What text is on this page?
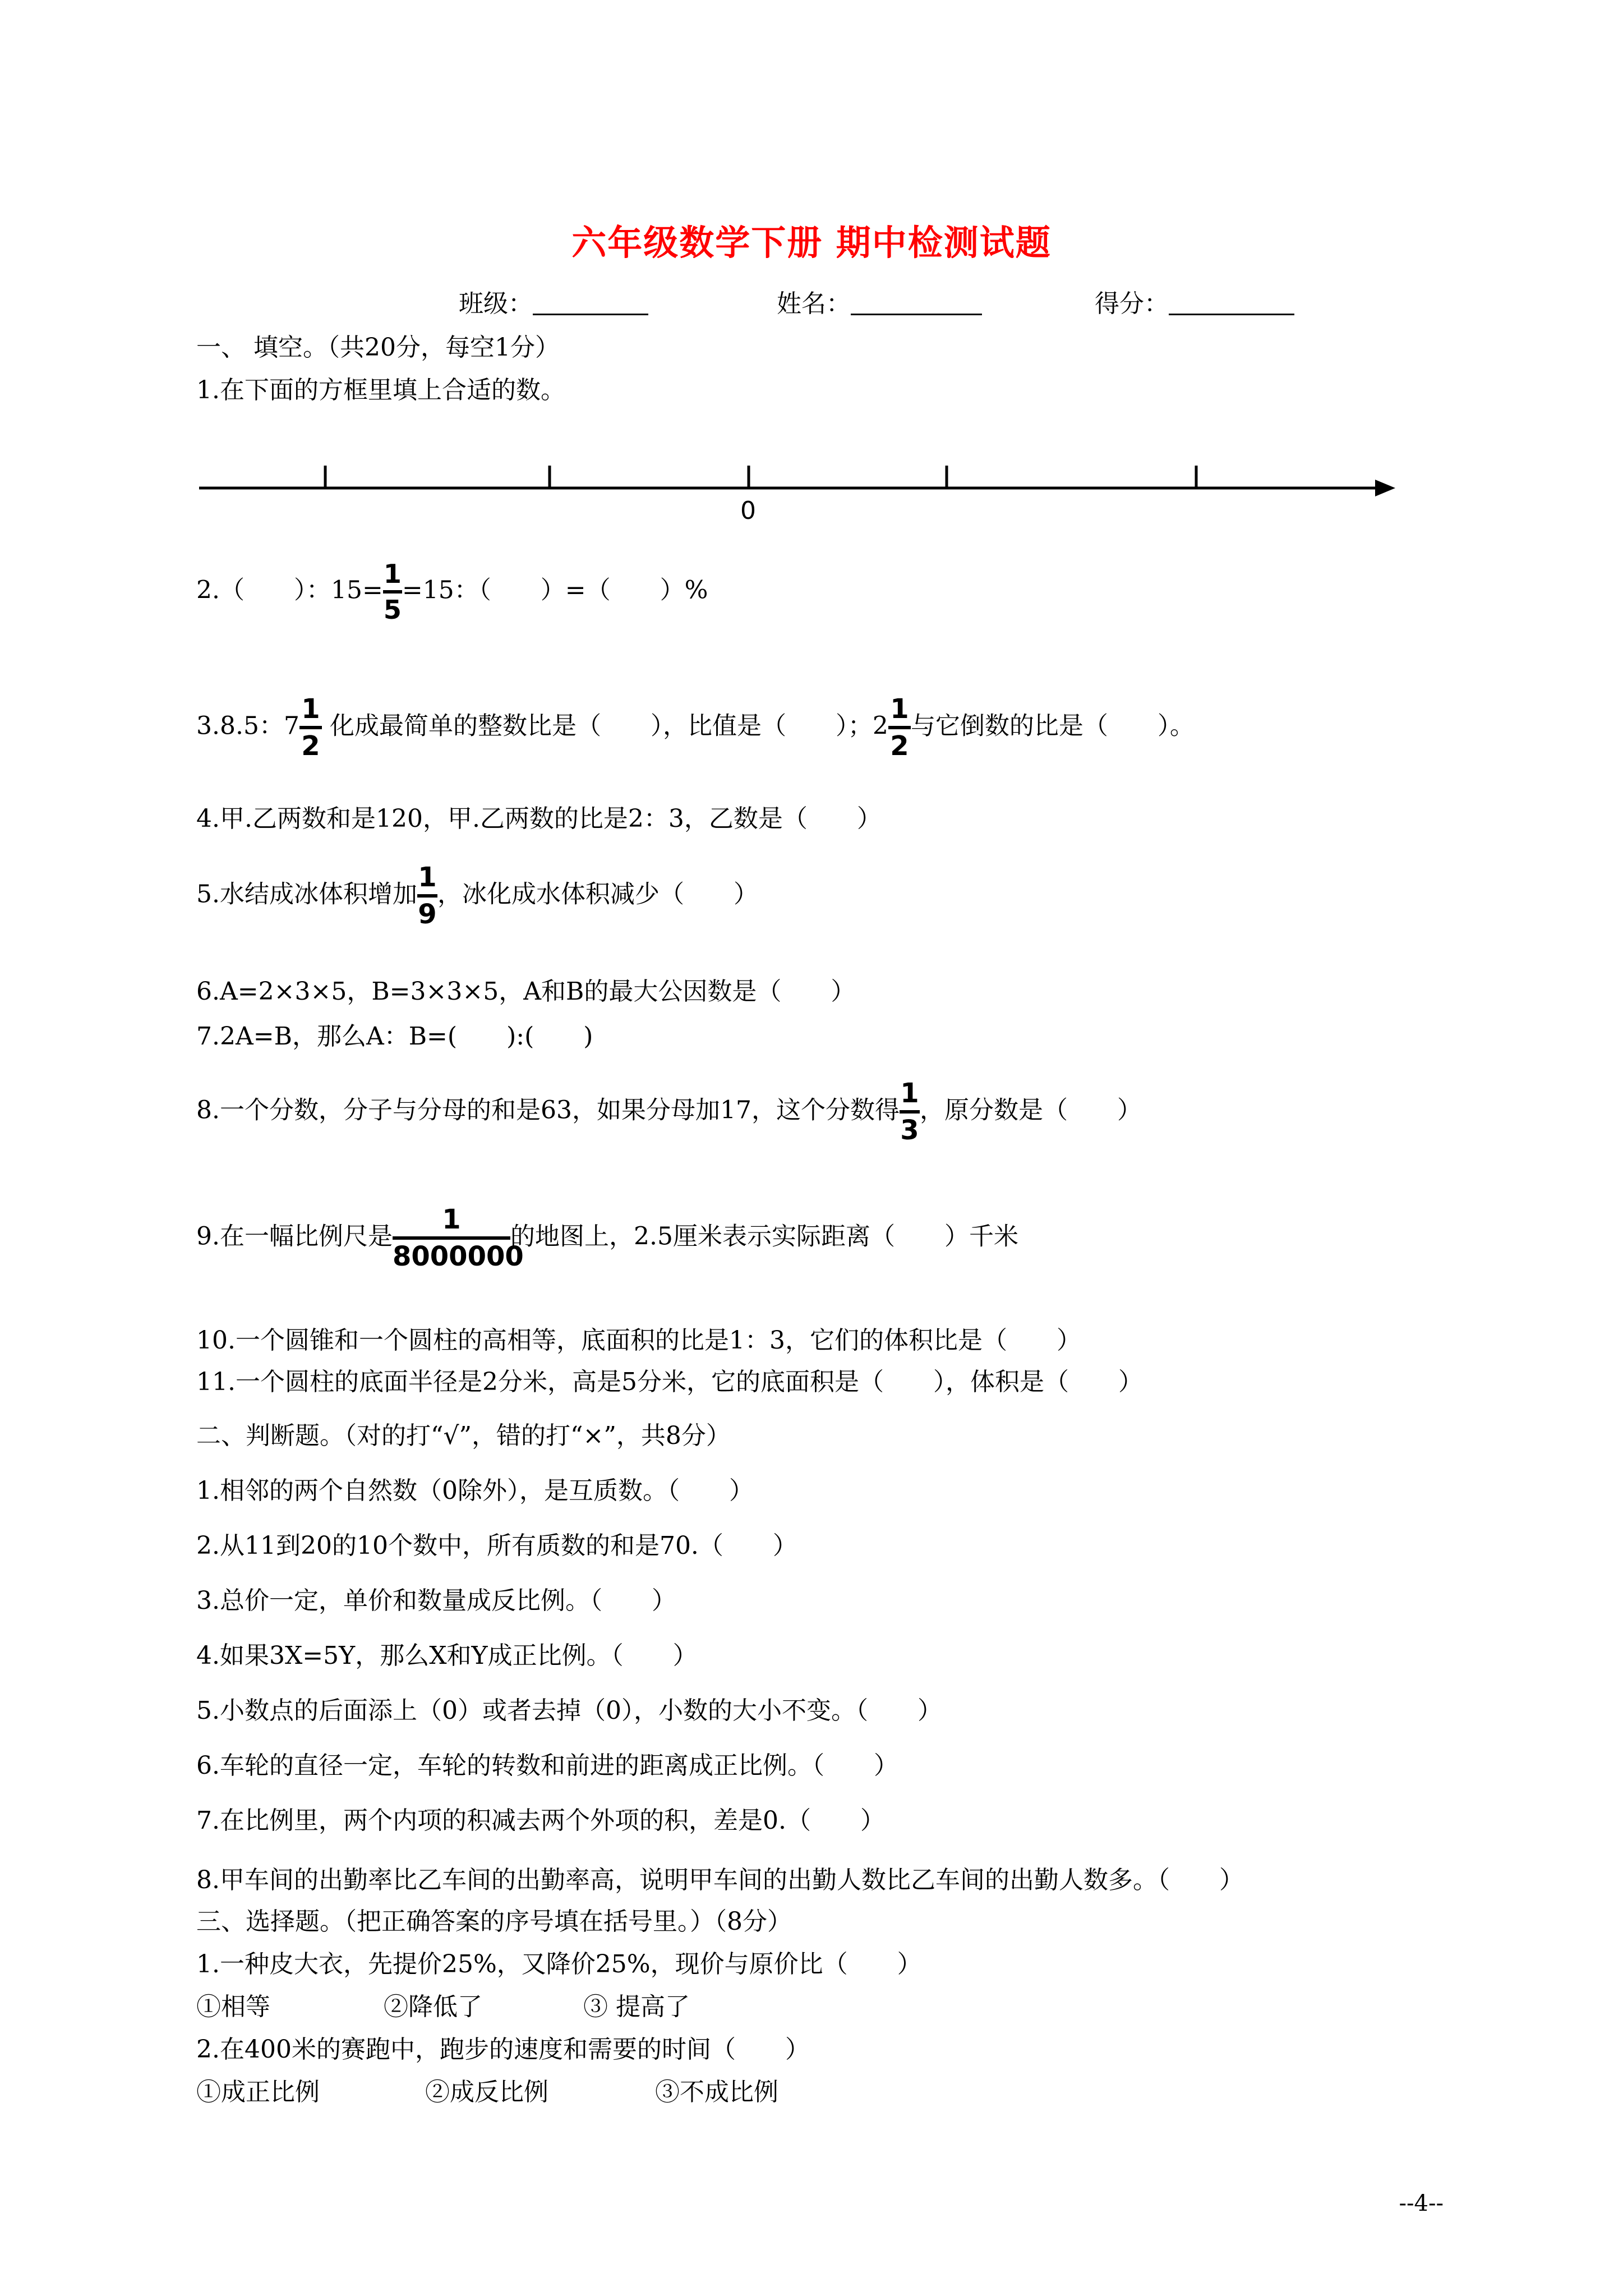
六年级数学下册 期中检测试题
班级：	姓名：	得分：
一、 填空。（共20分，每空1分）
1.在下面的方框里填上合适的数。
0
2.（　　）：15=
1
5
=15：（　　）=（　　）%
3.8.5：7
1
2
化成最简单的整数比是（　　），比值是（　　）；2
1
2
与它倒数的比是（　　）。
4.甲.乙两数和是120，甲.乙两数的比是2：3，乙数是（　　）
5.水结成冰体积增加
1
9
，冰化成水体积减少（　　）
6.A=2×3×5，B=3×3×5，A和B的最大公因数是（　　）
7.2A=B，那么A：B=(　　):(　　)
8.一个分数，分子与分母的和是63，如果分母加17，这个分数得
1
3
，原分数是（　　）
9.在一幅比例尺是
1
8000000
的地图上，2.5厘米表示实际距离（　　）千米
10.一个圆锥和一个圆柱的高相等，底面积的比是1：3，它们的体积比是（　　）
11.一个圆柱的底面半径是2分米，高是5分米，它的底面积是（　　），体积是（　　）
二、判断题。（对的打“√”，错的打“×”，共8分）
1.相邻的两个自然数（0除外），是互质数。（　　）
2.从11到20的10个数中，所有质数的和是70.（　　）
3.总价一定，单价和数量成反比例。（　　）
4.如果3X=5Y，那么X和Y成正比例。（　　）
5.小数点的后面添上（0）或者去掉（0），小数的大小不变。（　　）
6.车轮的直径一定，车轮的转数和前进的距离成正比例。（　　）
7.在比例里，两个内项的积减去两个外项的积，差是0.（　　）
8.甲车间的出勤率比乙车间的出勤率高，说明甲车间的出勤人数比乙车间的出勤人数多。（　　）
三、选择题。（把正确答案的序号填在括号里。）（8分）
1.一种皮大衣，先提价25%，又降价25%，现价与原价比（　　）
①相等	②降低了	③ 提高了
2.在400米的赛跑中，跑步的速度和需要的时间（　　）
①成正比例	②成反比例	③不成比例
--4--
